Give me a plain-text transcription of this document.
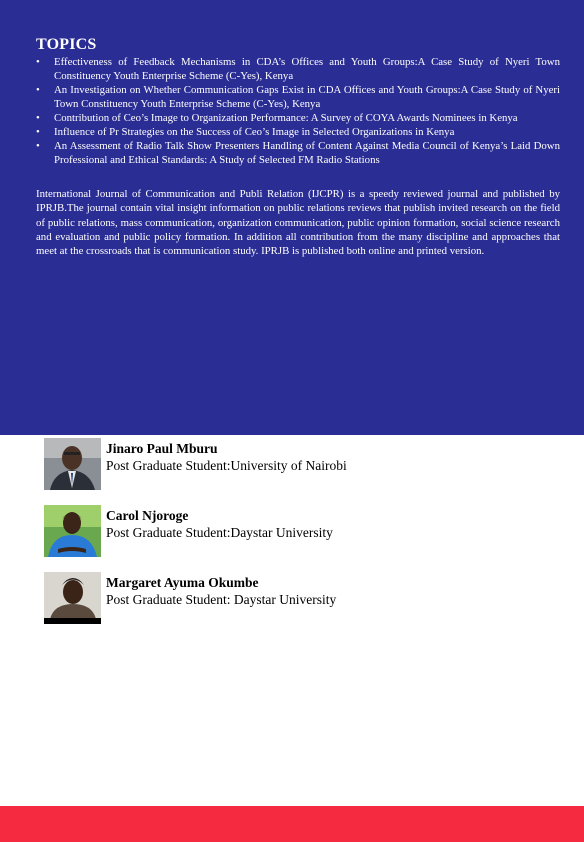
TOPICS
• Effectiveness of Feedback Mechanisms in CDA’s Offices and Youth Groups:A Case Study of Nyeri Town Constituency Youth Enterprise Scheme (C-Yes), Kenya
• An Investigation on Whether Communication Gaps Exist in CDA Offices and Youth Groups:A Case Study of Nyeri Town Constituency Youth Enterprise Scheme (C-Yes), Kenya
• Contribution of Ceo’s Image to Organization Performance: A Survey of COYA Awards Nominees in Kenya
• Influence of Pr Strategies on the Success of Ceo’s Image in Selected Organizations in Kenya
• An Assessment of Radio Talk Show Presenters Handling of Content Against Media Council of Kenya’s Laid Down Professional and Ethical Standards: A Study of Selected FM Radio Stations
International Journal of Communication and Publi Relation (IJCPR) is a speedy reviewed journal and published by IPRJB.The journal contain vital insight information on public relations reviews that publish invited research on the field of public relations, mass communication, organization communication, public opinion formation, social science research and evaluation and public policy formation. In addition all contribution from the many discipline and approaches that meet at the crossroads that is communication study. IPRJB is published both online and printed version.
Jinaro Paul Mburu
Post Graduate Student:University of Nairobi
Carol Njoroge
Post Graduate Student:Daystar University
Margaret Ayuma Okumbe
Post Graduate Student: Daystar University
